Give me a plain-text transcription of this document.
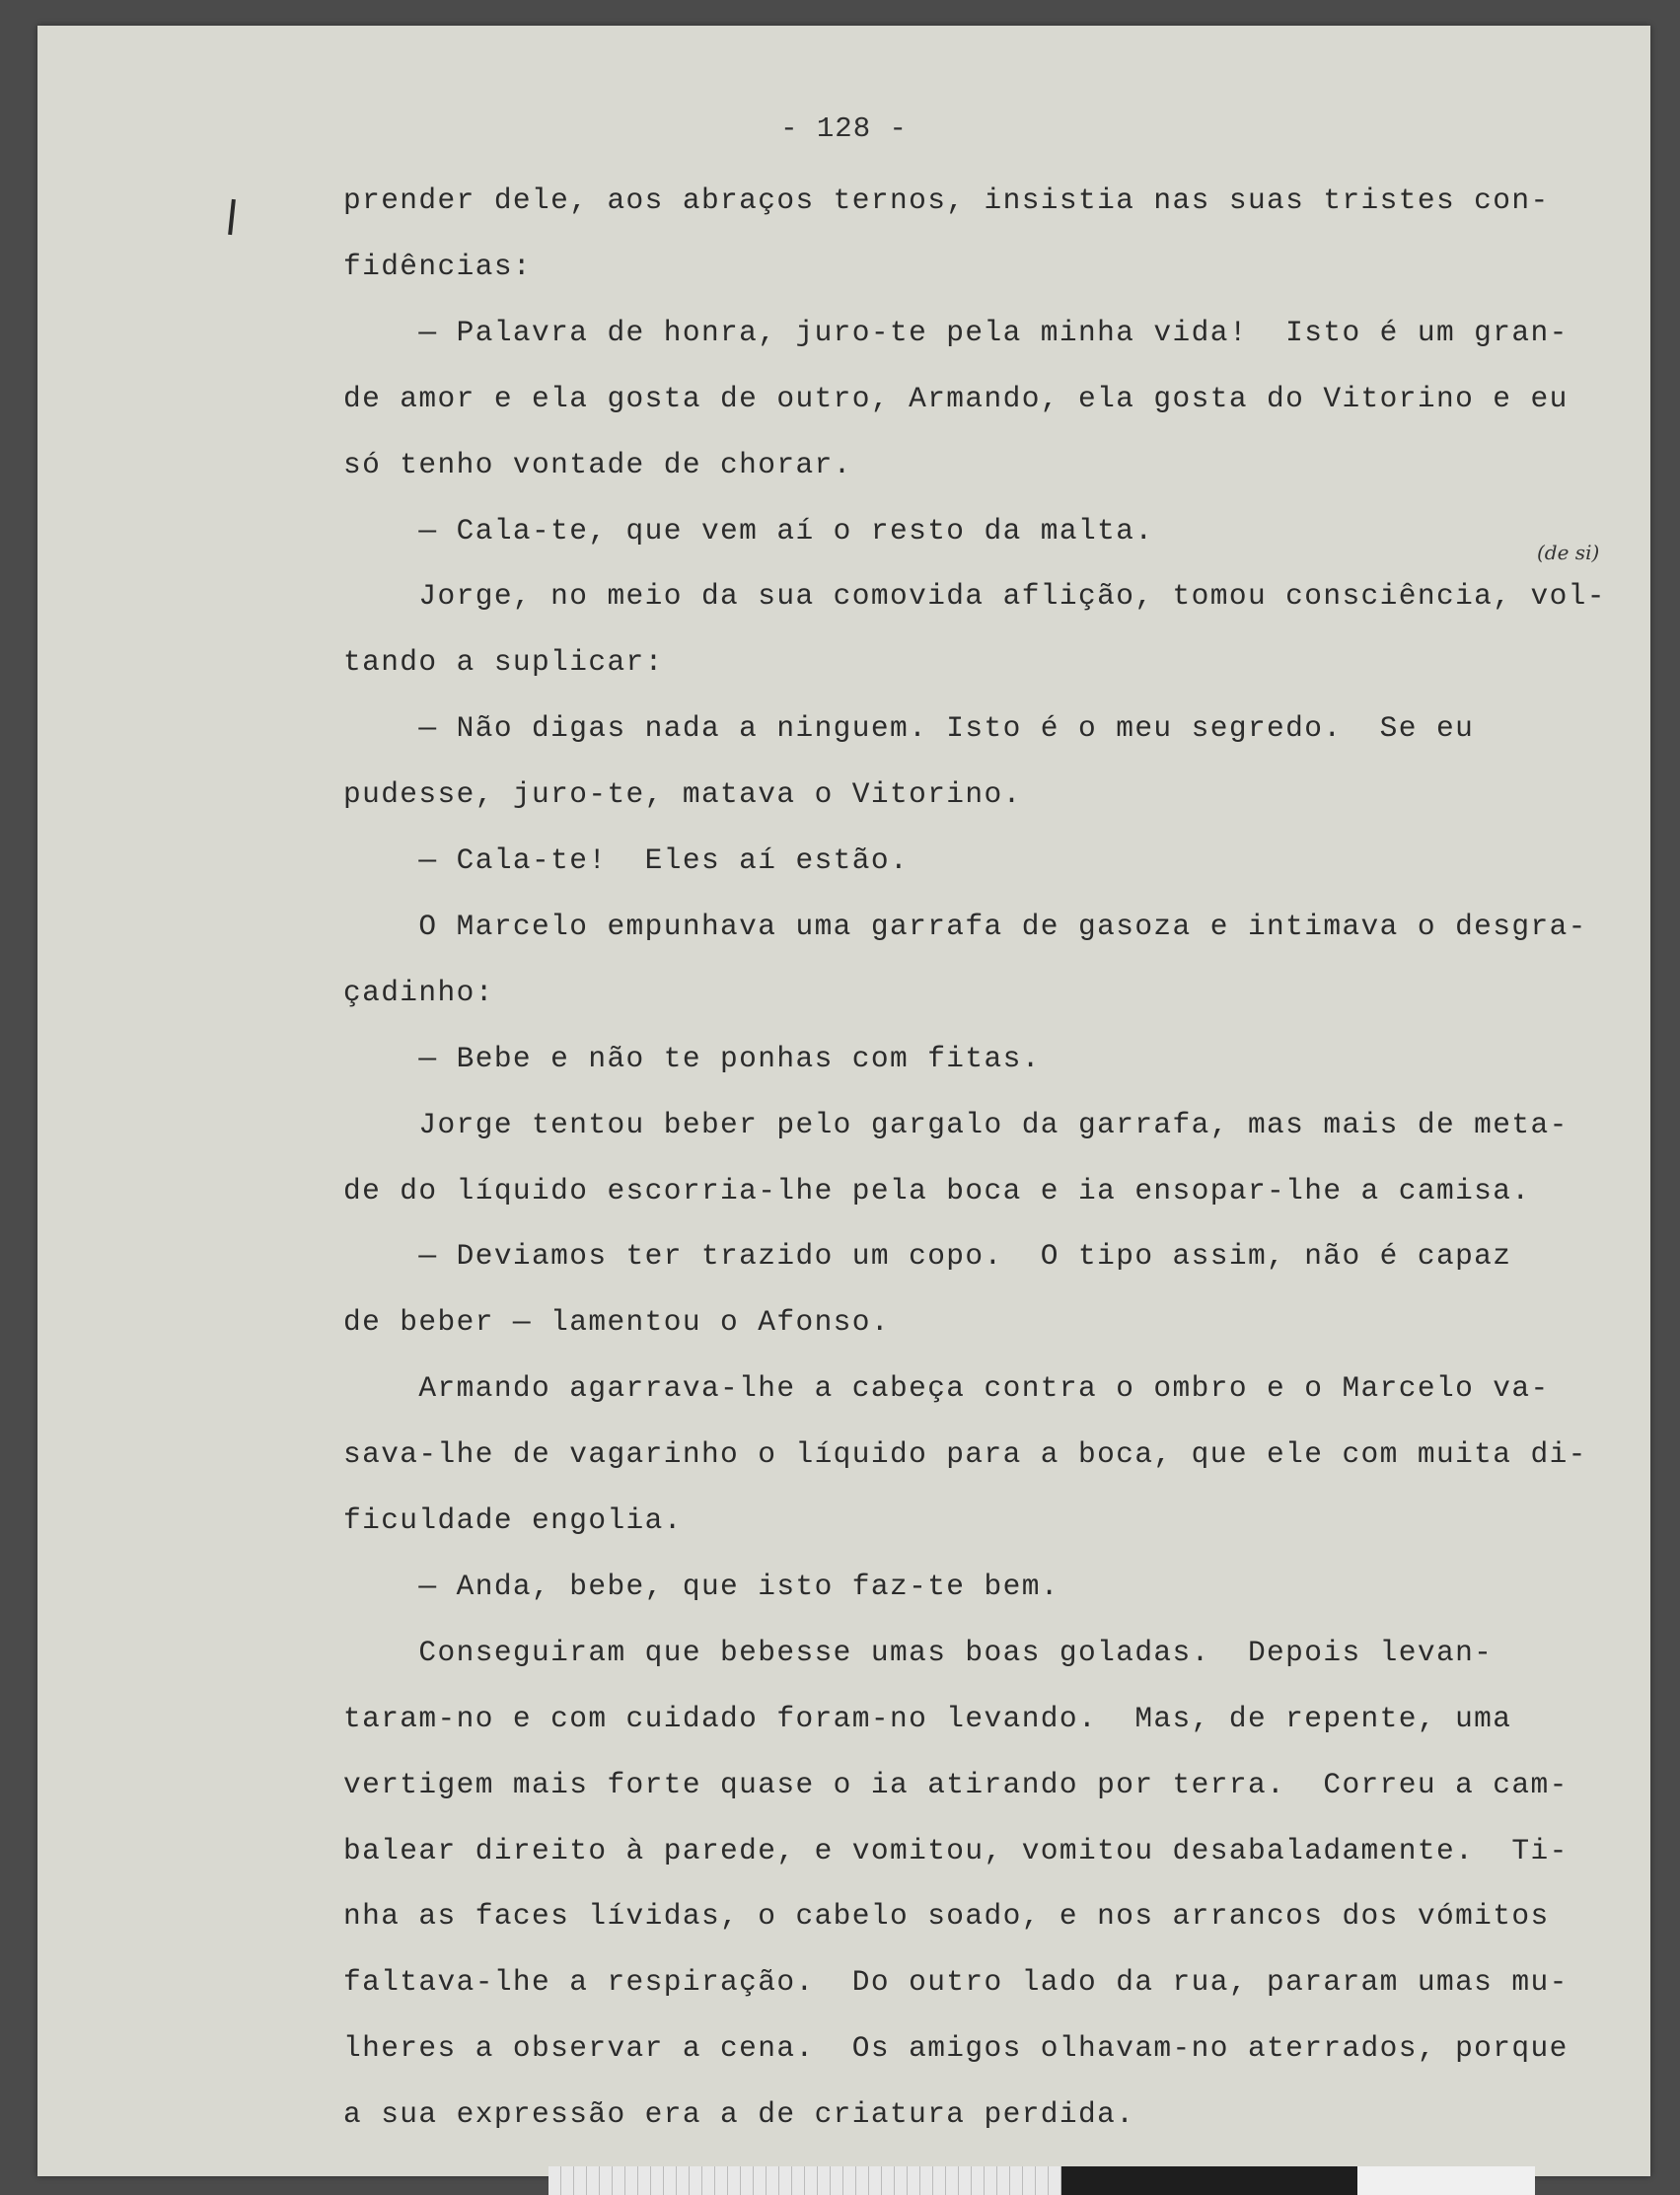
- 128 -
(de si)
prender dele, aos abraços ternos, insistia nas suas tristes con-
fidências:
— Palavra de honra, juro-te pela minha vida!  Isto é um gran-
de amor e ela gosta de outro, Armando, ela gosta do Vitorino e eu
só tenho vontade de chorar.
— Cala-te, que vem aí o resto da malta.
Jorge, no meio da sua comovida aflição, tomou consciência, vol-
tando a suplicar:
— Não digas nada a ninguem. Isto é o meu segredo.  Se eu
pudesse, juro-te, matava o Vitorino.
— Cala-te!  Eles aí estão.
O Marcelo empunhava uma garrafa de gasoza e intimava o desgra-
çadinho:
— Bebe e não te ponhas com fitas.
Jorge tentou beber pelo gargalo da garrafa, mas mais de meta-
de do líquido escorria-lhe pela boca e ia ensopar-lhe a camisa.
— Deviamos ter trazido um copo.  O tipo assim, não é capaz
de beber — lamentou o Afonso.
Armando agarrava-lhe a cabeça contra o ombro e o Marcelo va-
sava-lhe de vagarinho o líquido para a boca, que ele com muita di-
ficuldade engolia.
— Anda, bebe, que isto faz-te bem.
Conseguiram que bebesse umas boas goladas.  Depois levan-
taram-no e com cuidado foram-no levando.  Mas, de repente, uma
vertigem mais forte quase o ia atirando por terra.  Correu a cam-
balear direito à parede, e vomitou, vomitou desabaladamente.  Ti-
nha as faces lívidas, o cabelo soado, e nos arrancos dos vómitos
faltava-lhe a respiração.  Do outro lado da rua, pararam umas mu-
lheres a observar a cena.  Os amigos olhavam-no aterrados, porque
a sua expressão era a de criatura perdida.
